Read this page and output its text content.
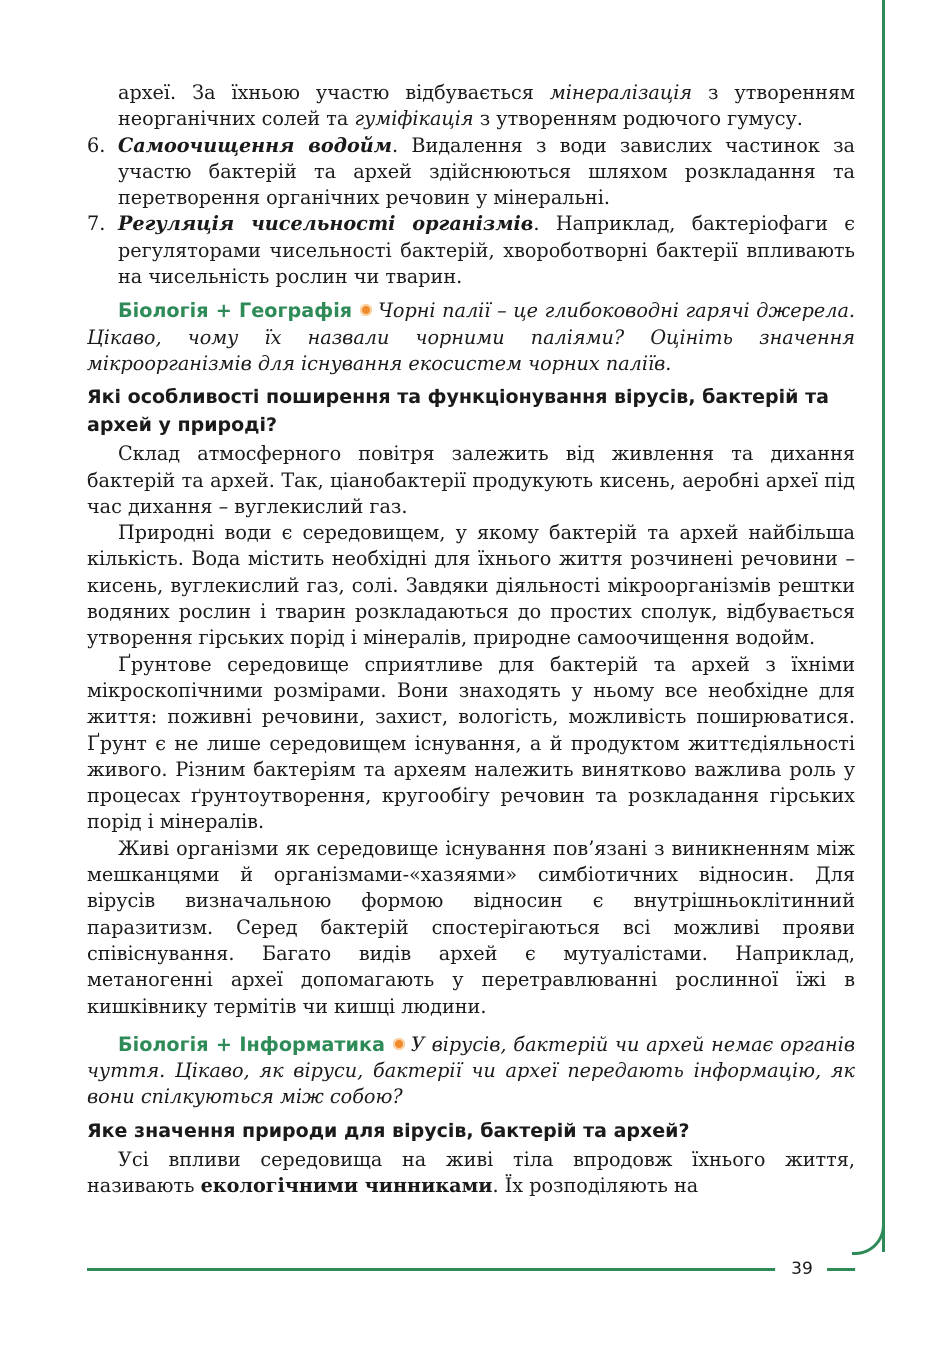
39

археї. За їхньою участю відбувається мінералізація з утворенням неорганічних солей та гуміфікація з утворенням родючого гумусу.

6. Самоочищення водойм. Видалення з води завислих частинок за участю бактерій та архей здійснюються шляхом розкладання та перетворення органічних речовин у мінеральні.
7. Регуляція чисельності організмів. Наприклад, бактеріофаги є регуляторами чисельності бактерій, хвороботворні бактерії впливають на чисельність рослин чи тварин.

Біологія + Географія Чорні палії – це глибоководні гарячі джерела. Цікаво, чому їх назвали чорними паліями? Оцініть значення мікроорганізмів для існування екосистем чорних паліїв.

Які особливості поширення та функціонування вірусів, бактерій та архей у природі?

Склад атмосферного повітря залежить від живлення та дихання бактерій та архей. Так, ціанобактерії продукують кисень, аеробні археї під час дихання – вуглекислий газ.

Природні води є середовищем, у якому бактерій та архей найбільша кількість. Вода містить необхідні для їхнього життя розчинені речовини – кисень, вуглекислий газ, солі. Завдяки діяльності мікроорганізмів рештки водяних рослин і тварин розкладаються до простих сполук, відбувається утворення гірських порід і мінералів, природне самоочищення водойм.

Ґрунтове середовище сприятливе для бактерій та архей з їхніми мікроскопічними розмірами. Вони знаходять у ньому все необхідне для життя: поживні речовини, захист, вологість, можливість поширюватися. Ґрунт є не лише середовищем існування, а й продуктом життєдіяльності живого. Різним бактеріям та археям належить винятково важлива роль у процесах ґрунтоутворення, кругообігу речовин та розкладання гірських порід і мінералів.

Живі організми як середовище існування пов’язані з виникненням між мешканцями й організмами-«хазяями» симбіотичних відносин. Для вірусів визначальною формою відносин є внутрішньоклітинний паразитизм. Серед бактерій спостерігаються всі можливі прояви співіснування. Багато видів архей є мутуалістами. Наприклад, метаногенні археї допомагають у перетравлюванні рослинної їжі в кишківнику термітів чи кишці людини.

Біологія + Інформатика У вірусів, бактерій чи архей немає органів чуття. Цікаво, як віруси, бактерії чи археї передають інформацію, як вони спілкуються між собою?

Яке значення природи для вірусів, бактерій та архей?

Усі впливи середовища на живі тіла впродовж їхнього життя, називають екологічними чинниками. Їх розподіляють на
